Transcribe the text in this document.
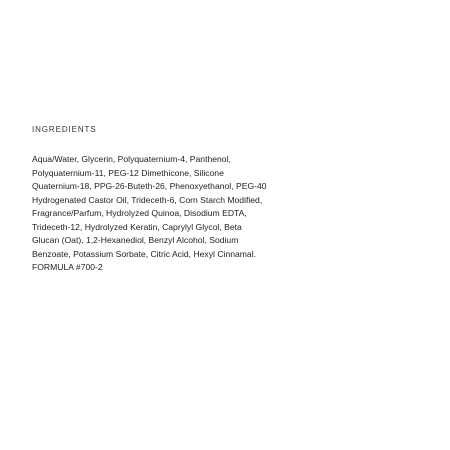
INGREDIENTS
Aqua/Water, Glycerin, Polyquaternium-4, Panthenol,
Polyquaternium-11, PEG-12 Dimethicone, Silicone
Quaternium-18, PPG-26-Buteth-26, Phenoxyethanol, PEG-40
Hydrogenated Castor Oil, Trideceth-6, Corn Starch Modified,
Fragrance/Parfum, Hydrolyzed Quinoa, Disodium EDTA,
Trideceth-12, Hydrolyzed Keratin, Caprylyl Glycol, Beta
Glucan (Oat), 1,2-Hexanediol, Benzyl Alcohol, Sodium
Benzoate, Potassium Sorbate, Citric Acid, Hexyl Cinnamal.
FORMULA #700-2
